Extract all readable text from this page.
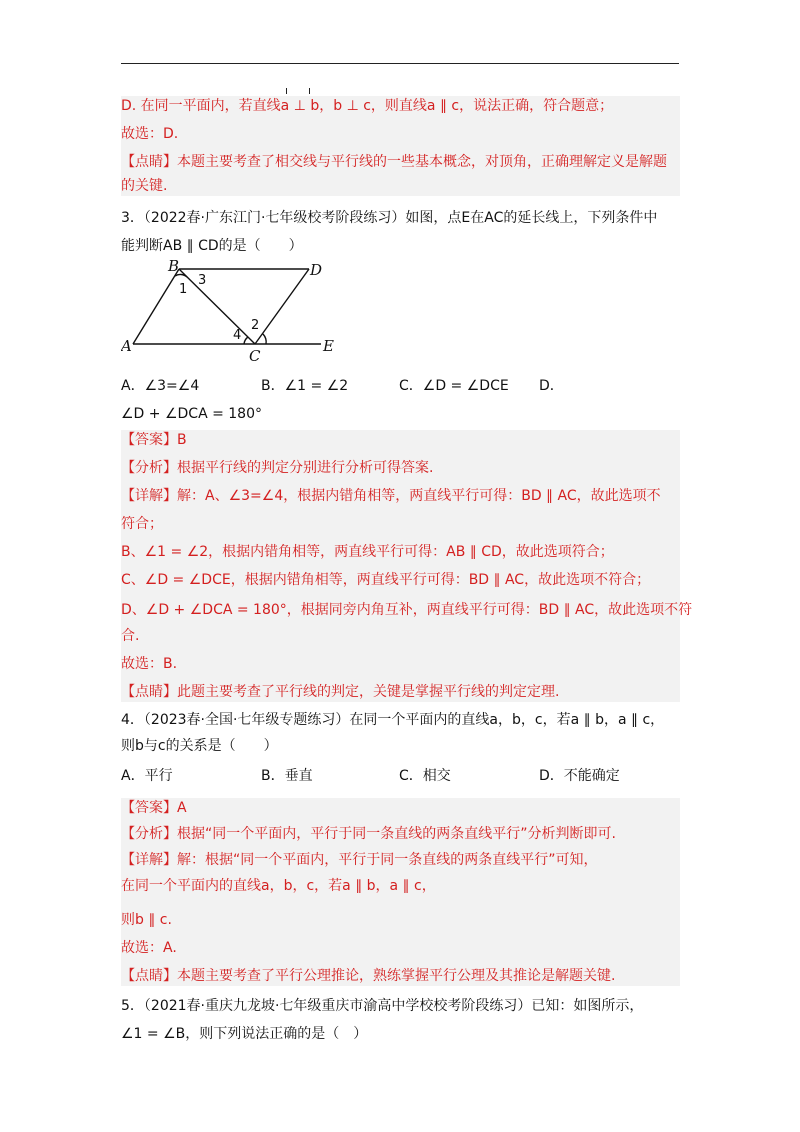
D. 在同一平面内，若直线a ⊥ b，b ⊥ c，则直线a ∥ c，说法正确，符合题意；
故选：D.
【点睛】本题主要考查了相交线与平行线的一些基本概念，对顶角，正确理解定义是解题
的关键.
3．（2022春·广东江门·七年级校考阶段练习）如图，点E在AC的延长线上，下列条件中
能判断AB ∥ CD的是（　　）
B	D
A
C
E
1
3
4
2
A．∠3=∠4	B．∠1 = ∠2	C．∠D = ∠DCE D．
∠D + ∠DCA = 180°
【答案】B
【分析】根据平行线的判定分别进行分析可得答案.
【详解】解：A、∠3=∠4，根据内错角相等，两直线平行可得：BD ∥ AC，故此选项不
符合；
B、∠1 = ∠2，根据内错角相等，两直线平行可得：AB ∥ CD，故此选项符合；
C、∠D = ∠DCE，根据内错角相等，两直线平行可得：BD ∥ AC，故此选项不符合；
D、∠D + ∠DCA = 180°，根据同旁内角互补，两直线平行可得：BD ∥ AC，故此选项不符
合.
故选：B.
【点睛】此题主要考查了平行线的判定，关键是掌握平行线的判定定理.
4．（2023春·全国·七年级专题练习）在同一个平面内的直线a，b，c，若a ∥ b，a ∥ c，
则b与c的关系是（　　）
A．平行	B．垂直	C．相交	D．不能确定
【答案】A
【分析】根据“同一个平面内，平行于同一条直线的两条直线平行”分析判断即可.
【详解】解：根据“同一个平面内，平行于同一条直线的两条直线平行”可知，
在同一个平面内的直线a，b，c，若a ∥ b，a ∥ c，
则b ∥ c.
故选：A.
【点睛】本题主要考查了平行公理推论，熟练掌握平行公理及其推论是解题关键.
5．（2021春·重庆九龙坡·七年级重庆市渝高中学校校考阶段练习）已知：如图所示，
∠1 = ∠B，则下列说法正确的是（　）
